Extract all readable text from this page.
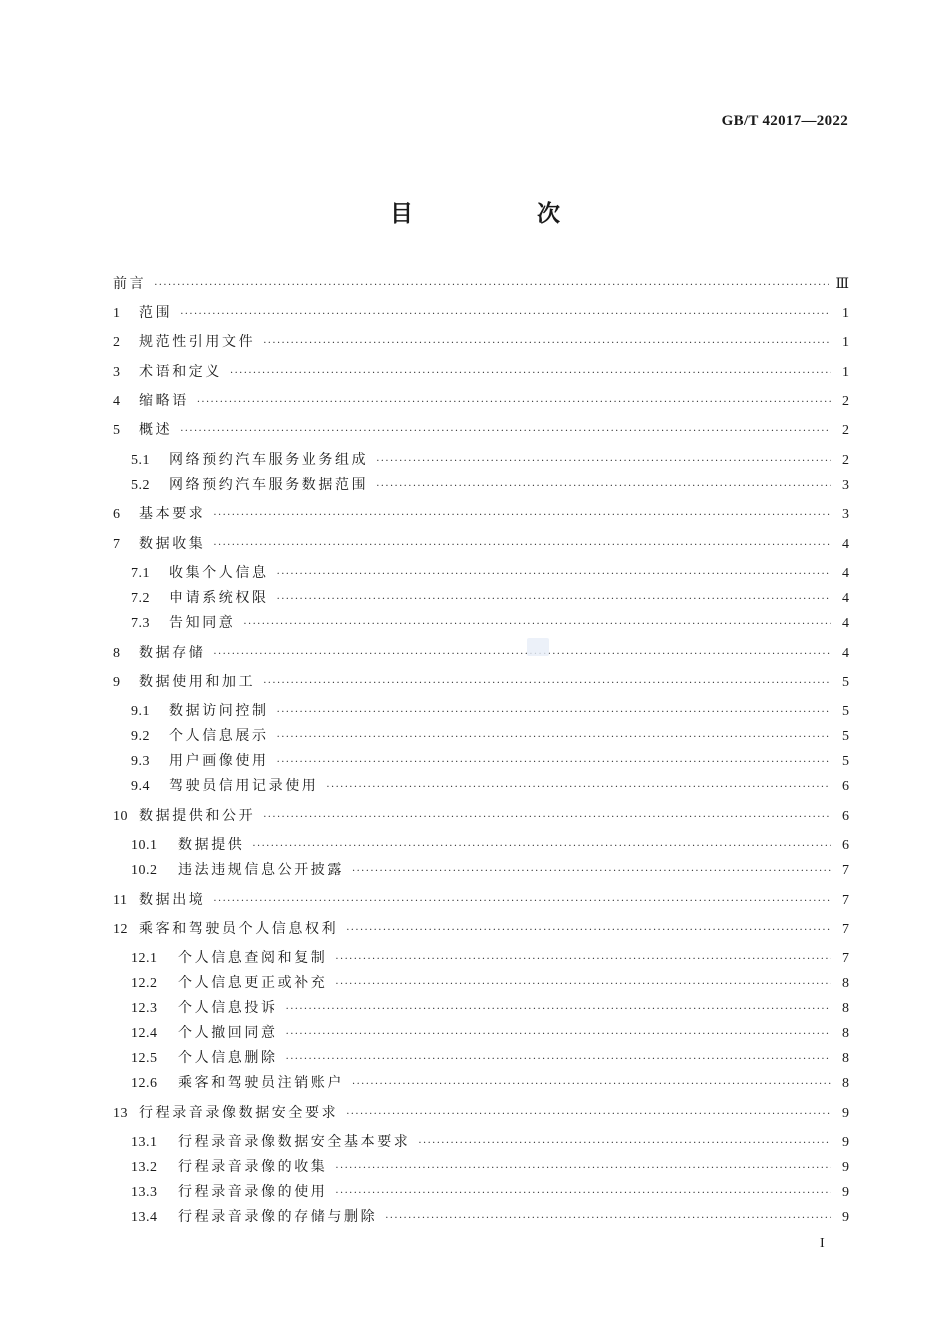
GB/T 42017—2022
目 次
前言 ·····	Ⅲ
1	范围 ·····	1
2	规范性引用文件 ·····	1
3	术语和定义 ·····	1
4	缩略语 ·····	2
5	概述 ·····	2
5.1	网络预约汽车服务业务组成 ·····	2
5.2	网络预约汽车服务数据范围 ·····	3
6	基本要求 ·····	3
7	数据收集 ·····	4
7.1	收集个人信息 ·····	4
7.2	申请系统权限 ·····	4
7.3	告知同意 ·····	4
8	数据存储 ·····	4
9	数据使用和加工 ·····	5
9.1	数据访问控制 ·····	5
9.2	个人信息展示 ·····	5
9.3	用户画像使用 ·····	5
9.4	驾驶员信用记录使用 ·····	6
10 数据提供和公开 ·····	6
10.1	数据提供 ·····	6
10.2	违法违规信息公开披露 ·····	7
11 数据出境 ·····	7
12 乘客和驾驶员个人信息权利 ·····	7
12.1	个人信息查阅和复制 ·····	7
12.2	个人信息更正或补充 ·····	8
12.3	个人信息投诉 ·····	8
12.4	个人撤回同意 ·····	8
12.5	个人信息删除 ·····	8
12.6	乘客和驾驶员注销账户 ·····	8
13 行程录音录像数据安全要求 ·····	9
13.1	行程录音录像数据安全基本要求 ·····	9
13.2	行程录音录像的收集 ·····	9
13.3	行程录音录像的使用 ·····	9
13.4	行程录音录像的存储与删除 ·····	9
I
